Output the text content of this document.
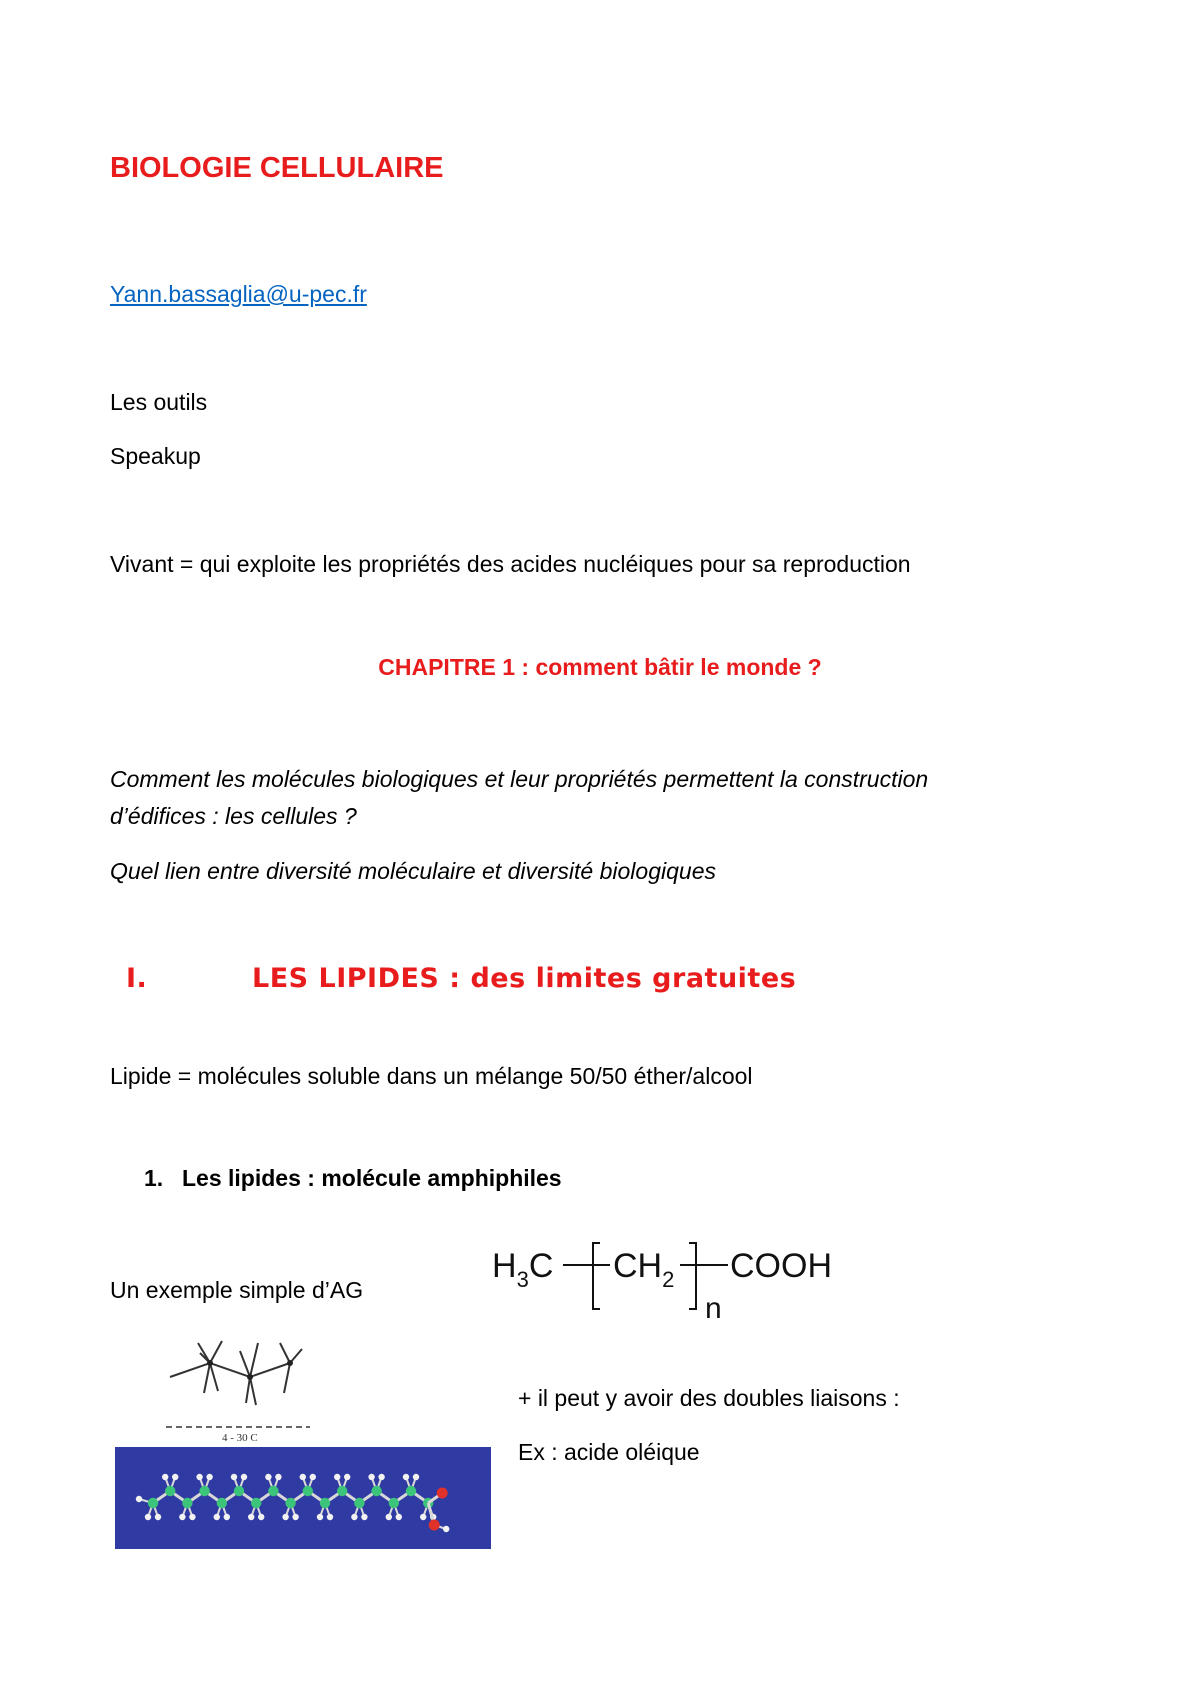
BIOLOGIE CELLULAIRE
Yann.bassaglia@u-pec.fr
Les outils
Speakup
Vivant = qui exploite les propriétés des acides nucléiques pour sa reproduction
CHAPITRE 1 : comment bâtir le monde ?
Comment les molécules biologiques et leur propriétés permettent la construction
d’édifices : les cellules ?
Quel lien entre diversité moléculaire et diversité biologiques
I.	LES LIPIDES : des limites gratuites
Lipide = molécules soluble dans un mélange 50/50 éther/alcool
1. Les lipides : molécule amphiphiles
Un exemple simple d’AG
$H_3C$ $CH_2$
n
COOH
4 - 30 C
+ il peut y avoir des doubles liaisons :
Ex : acide oléique
